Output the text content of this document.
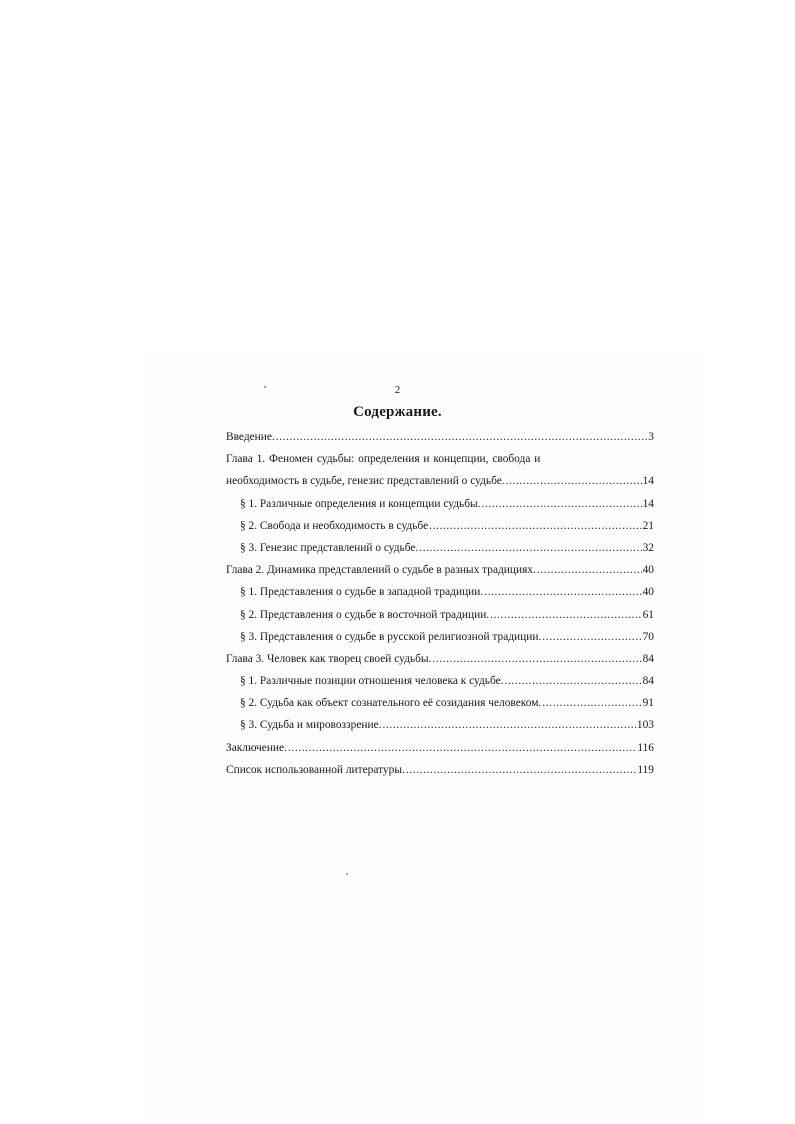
2
Содержание.
Введение. .....	3
Глава 1. Феномен судьбы: определения и концепции, свобода и
необходимость в судьбе, генезис представлений о судьбе. .....	14
§ 1. Различные определения и концепции судьбы. .....	14
§ 2. Свобода и необходимость в судьбе .....	21
§ 3. Генезис представлений о судьбе. .....	32
Глава 2. Динамика представлений о судьбе в разных традициях. .....	40
§ 1. Представления о судьбе в западной традиции. .....	40
§ 2. Представления о судьбе в восточной традиции. .....	61
§ 3. Представления о судьбе в русской религиозной традиции. .....	70
Глава 3. Человек как творец своей судьбы. .....	84
§ 1. Различные позиции отношения человека к судьбе. .....	84
§ 2. Судьба как объект сознательного её созидания человеком. .....	91
§ 3. Судьба и мировоззрение. .....	103
Заключение. .....	116
Список использованной литературы. .....	119
